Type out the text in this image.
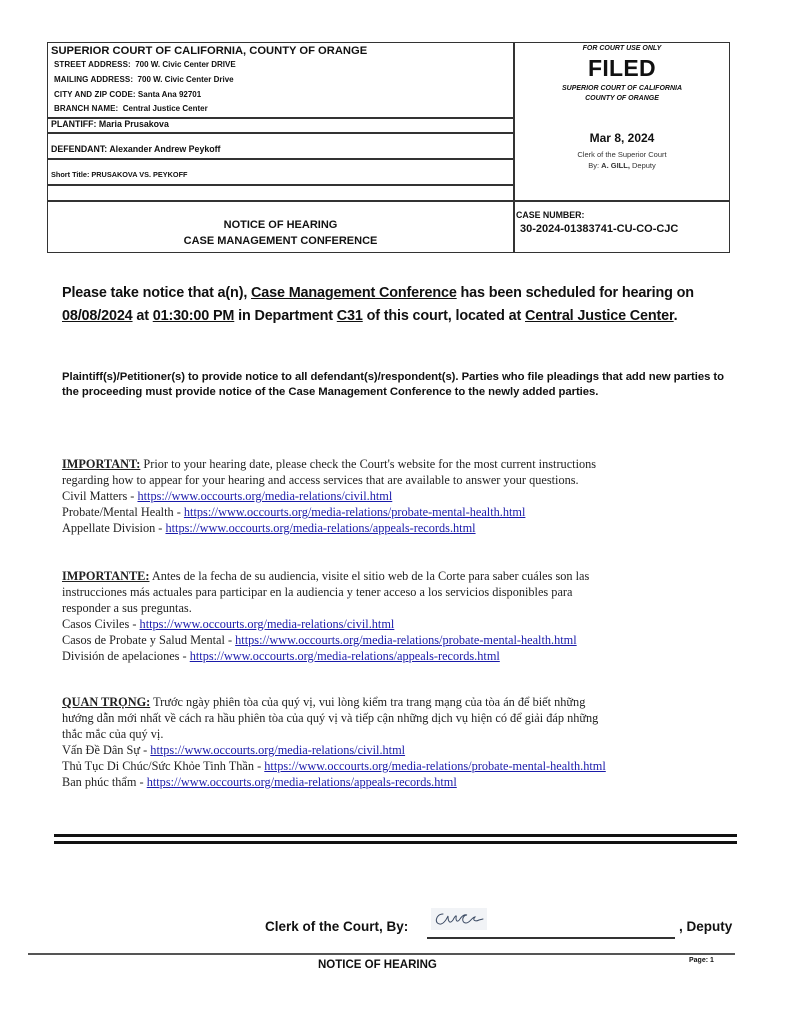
SUPERIOR COURT OF CALIFORNIA, COUNTY OF ORANGE
STREET ADDRESS: 700 W. Civic Center DRIVE
MAILING ADDRESS: 700 W. Civic Center Drive
CITY AND ZIP CODE: Santa Ana 92701
BRANCH NAME: Central Justice Center
PLANTIFF: Maria Prusakova
DEFENDANT: Alexander Andrew Peykoff
Short Title: PRUSAKOVA VS. PEYKOFF
NOTICE OF HEARING
CASE MANAGEMENT CONFERENCE
FOR COURT USE ONLY
FILED
SUPERIOR COURT OF CALIFORNIA
COUNTY OF ORANGE
Mar 8, 2024
Clerk of the Superior Court
By: A. GILL, Deputy
CASE NUMBER:
30-2024-01383741-CU-CO-CJC
Please take notice that a(n), Case Management Conference has been scheduled for hearing on 08/08/2024 at 01:30:00 PM in Department C31 of this court, located at Central Justice Center.
Plaintiff(s)/Petitioner(s) to provide notice to all defendant(s)/respondent(s). Parties who file pleadings that add new parties to the proceeding must provide notice of the Case Management Conference to the newly added parties.
IMPORTANT: Prior to your hearing date, please check the Court's website for the most current instructions
regarding how to appear for your hearing and access services that are available to answer your questions.
Civil Matters - https://www.occourts.org/media-relations/civil.html
Probate/Mental Health - https://www.occourts.org/media-relations/probate-mental-health.html
Appellate Division - https://www.occourts.org/media-relations/appeals-records.html
IMPORTANTE: Antes de la fecha de su audiencia, visite el sitio web de la Corte para saber cuáles son las
instrucciones más actuales para participar en la audiencia y tener acceso a los servicios disponibles para
responder a sus preguntas.
Casos Civiles - https://www.occourts.org/media-relations/civil.html
Casos de Probate y Salud Mental - https://www.occourts.org/media-relations/probate-mental-health.html
División de apelaciones - https://www.occourts.org/media-relations/appeals-records.html
QUAN TRỌNG: Trước ngày phiên tòa của quý vị, vui lòng kiểm tra trang mạng của tòa án để biết những
hướng dẫn mới nhất về cách ra hầu phiên tòa của quý vị và tiếp cận những dịch vụ hiện có để giải đáp những
thắc mắc của quý vị.
Vấn Đề Dân Sự - https://www.occourts.org/media-relations/civil.html
Thủ Tục Di Chúc/Sức Khỏe Tinh Thần - https://www.occourts.org/media-relations/probate-mental-health.html
Ban phúc thẩm - https://www.occourts.org/media-relations/appeals-records.html
Clerk of the Court, By:	, Deputy
NOTICE OF HEARING	Page: 1
